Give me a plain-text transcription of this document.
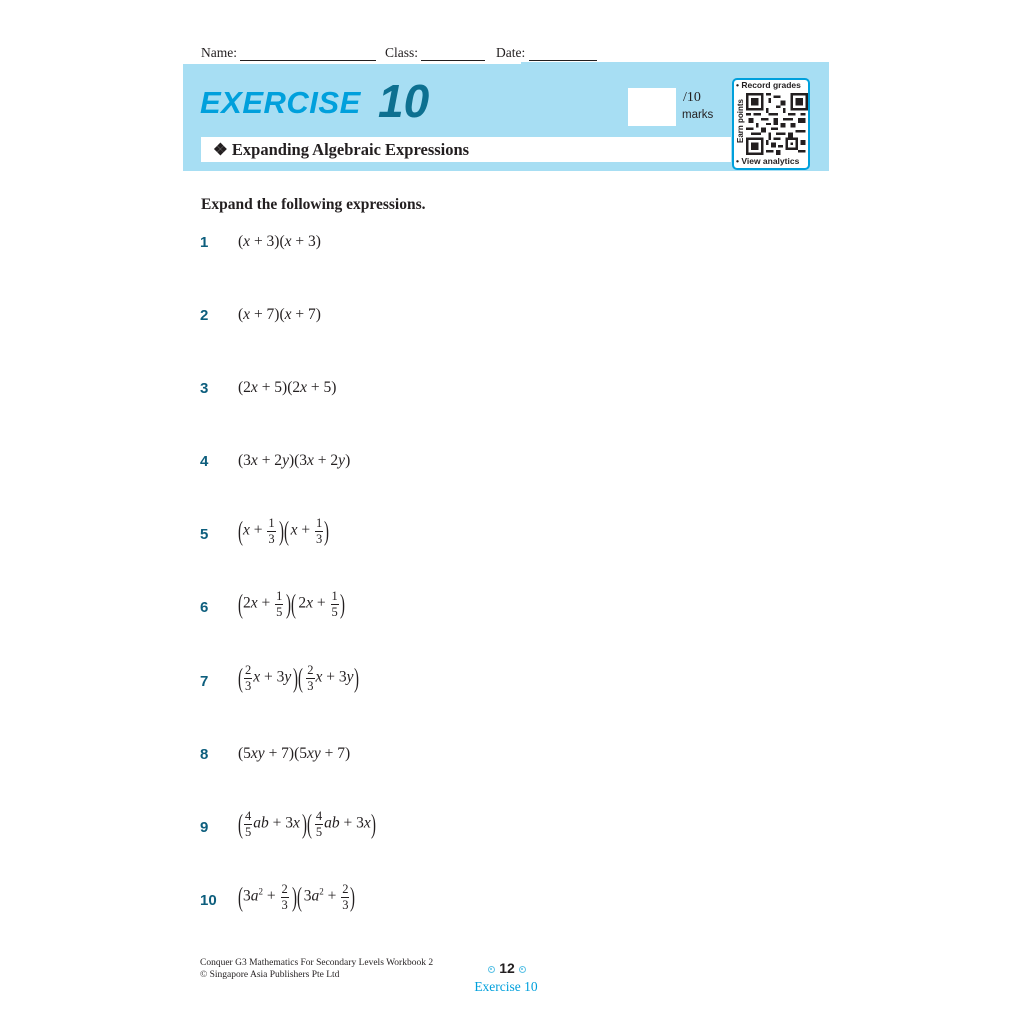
Name:	Class:	Date:
EXERCISE 10	/10
marks
❖ Expanding Algebraic Expressions
• Record grades
Earn points
• View analytics
Expand the following expressions.
1	(x + 3)(x + 3)
2	(x + 7)(x + 7)
3	(2x + 5)(2x + 5)
4	(3x + 2y)(3x + 2y)
5	($x + \frac{1}{3}$ )( $x + \frac{1}{3}$ )
6	($2x + \frac{1}{5}$ )( $2x + \frac{1}{5}$ )
7	( $\frac{2}{3}$ $x + 3y)( \frac{2}{3}$ x + 3y)
8	(5xy + 7)(5xy + 7)
9	( $\frac{4}{5}$ ab + $3x)( \frac{4}{5}$ ab + 3x)
10 ($3a^2 + \frac{2}{3}$ )( $3a^2 + \frac{2}{3}$ )
Conquer G3 Mathematics For Secondary Levels Workbook 2
© Singapore Asia Publishers Pte Ltd	12
Exercise 10
